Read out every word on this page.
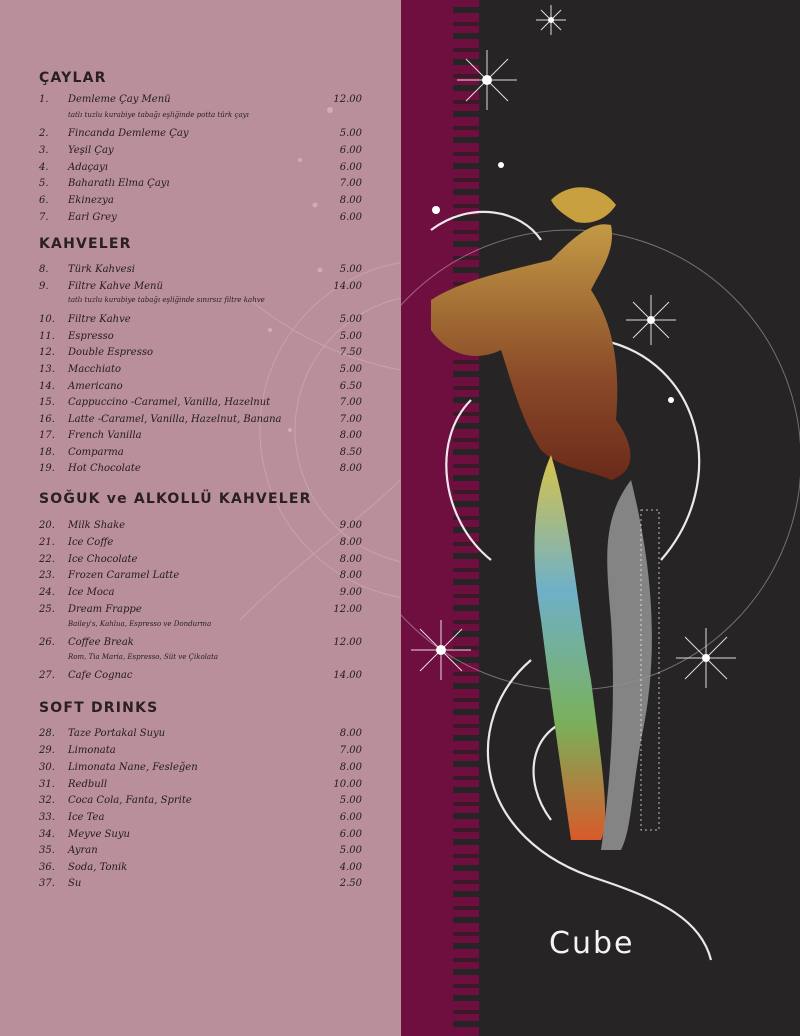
ÇAYLAR
1.	Demleme Çay Menü	12.00
tatlı tuzlu kurabiye tabağı eşliğinde potta türk çayı
2.	Fincanda Demleme Çay	5.00
3.	Yeşil Çay	6.00
4.	Adaçayı	6.00
5.	Baharatlı Elma Çayı	7.00
6.	Ekinezya	8.00
7.	Earl Grey	6.00
KAHVELER
8.	Türk Kahvesi	5.00
9.	Filtre Kahve Menü	14.00
tatlı tuzlu kurabiye tabağı eşliğinde sınırsız filtre kahve
10.	Filtre Kahve	5.00
11.	Espresso	5.00
12.	Double Espresso	7.50
13.	Macchiato	5.00
14.	Americano	6.50
15.	Cappuccino -Caramel, Vanilla, Hazelnut	7.00
16.	Latte -Caramel, Vanilla, Hazelnut, Banana	7.00
17.	French Vanilla	8.00
18.	Comparma	8.50
19.	Hot Chocolate	8.00
SOĞUK ve ALKOLLÜ KAHVELER
20.	Milk Shake	9.00
21.	Ice Coffe	8.00
22.	Ice Chocolate	8.00
23.	Frozen Caramel Latte	8.00
24.	Ice Moca	9.00
25.	Dream Frappe	12.00
Bailey's, Kahlua, Espresso ve Dondurma
26.	Coffee Break	12.00
Rom, Tia Maria, Espresso, Süt ve Çikolata
27.	Cafe Cognac	14.00
SOFT DRINKS
28.	Taze Portakal Suyu	8.00
29.	Limonata	7.00
30.	Limonata Nane, Fesleğen	8.00
31.	Redbull	10.00
32.	Coca Cola, Fanta, Sprite	5.00
33.	Ice Tea	6.00
34.	Meyve Suyu	6.00
35.	Ayran	5.00
36.	Soda, Tonik	4.00
37.	Su	2.50
Cube
